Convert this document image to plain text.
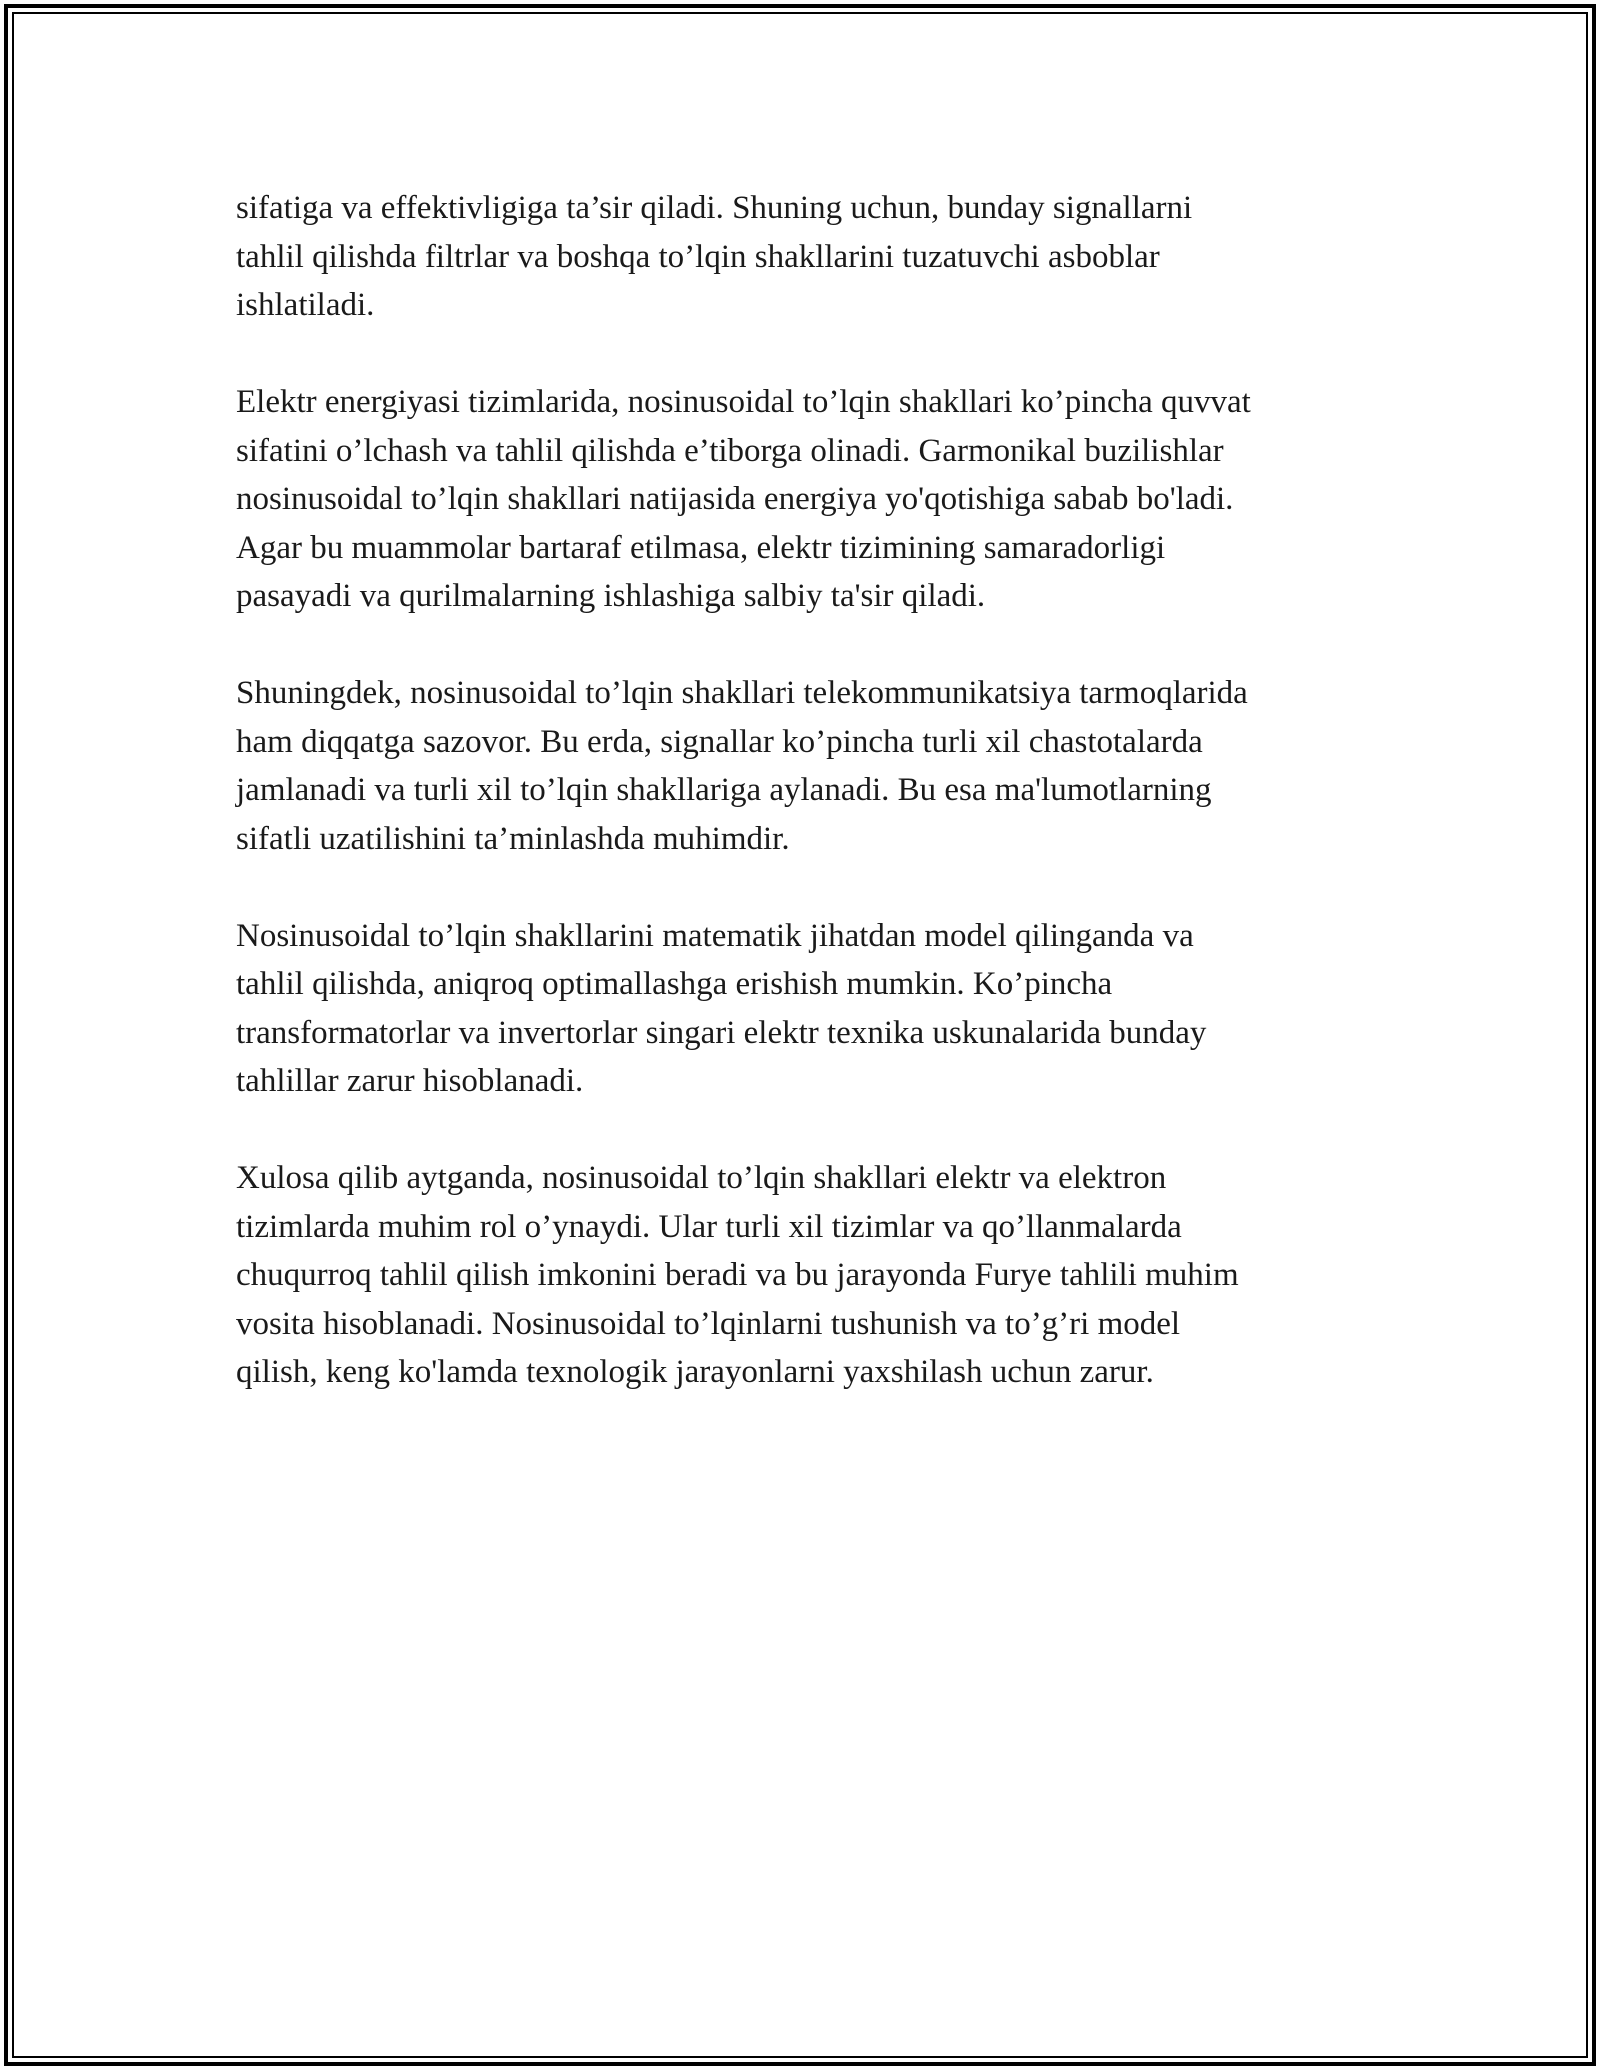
sifatiga va effektivligiga ta’sir qiladi. Shuning uchun, bunday signallarni
tahlil qilishda filtrlar va boshqa to’lqin shakllarini tuzatuvchi asboblar
ishlatiladi.

Elektr energiyasi tizimlarida, nosinusoidal to’lqin shakllari ko’pincha quvvat
sifatini o’lchash va tahlil qilishda e’tiborga olinadi. Garmonikal buzilishlar
nosinusoidal to’lqin shakllari natijasida energiya yo'qotishiga sabab bo'ladi.
Agar bu muammolar bartaraf etilmasa, elektr tizimining samaradorligi
pasayadi va qurilmalarning ishlashiga salbiy ta'sir qiladi.

Shuningdek, nosinusoidal to’lqin shakllari telekommunikatsiya tarmoqlarida
ham diqqatga sazovor. Bu erda, signallar ko’pincha turli xil chastotalarda
jamlanadi va turli xil to’lqin shakllariga aylanadi. Bu esa ma'lumotlarning
sifatli uzatilishini ta’minlashda muhimdir.

Nosinusoidal to’lqin shakllarini matematik jihatdan model qilinganda va
tahlil qilishda, aniqroq optimallashga erishish mumkin. Ko’pincha
transformatorlar va invertorlar singari elektr texnika uskunalarida bunday
tahlillar zarur hisoblanadi.

Xulosa qilib aytganda, nosinusoidal to’lqin shakllari elektr va elektron
tizimlarda muhim rol o’ynaydi. Ular turli xil tizimlar va qo’llanmalarda
chuqurroq tahlil qilish imkonini beradi va bu jarayonda Furye tahlili muhim
vosita hisoblanadi. Nosinusoidal to’lqinlarni tushunish va to’g’ri model
qilish, keng ko'lamda texnologik jarayonlarni yaxshilash uchun zarur.
